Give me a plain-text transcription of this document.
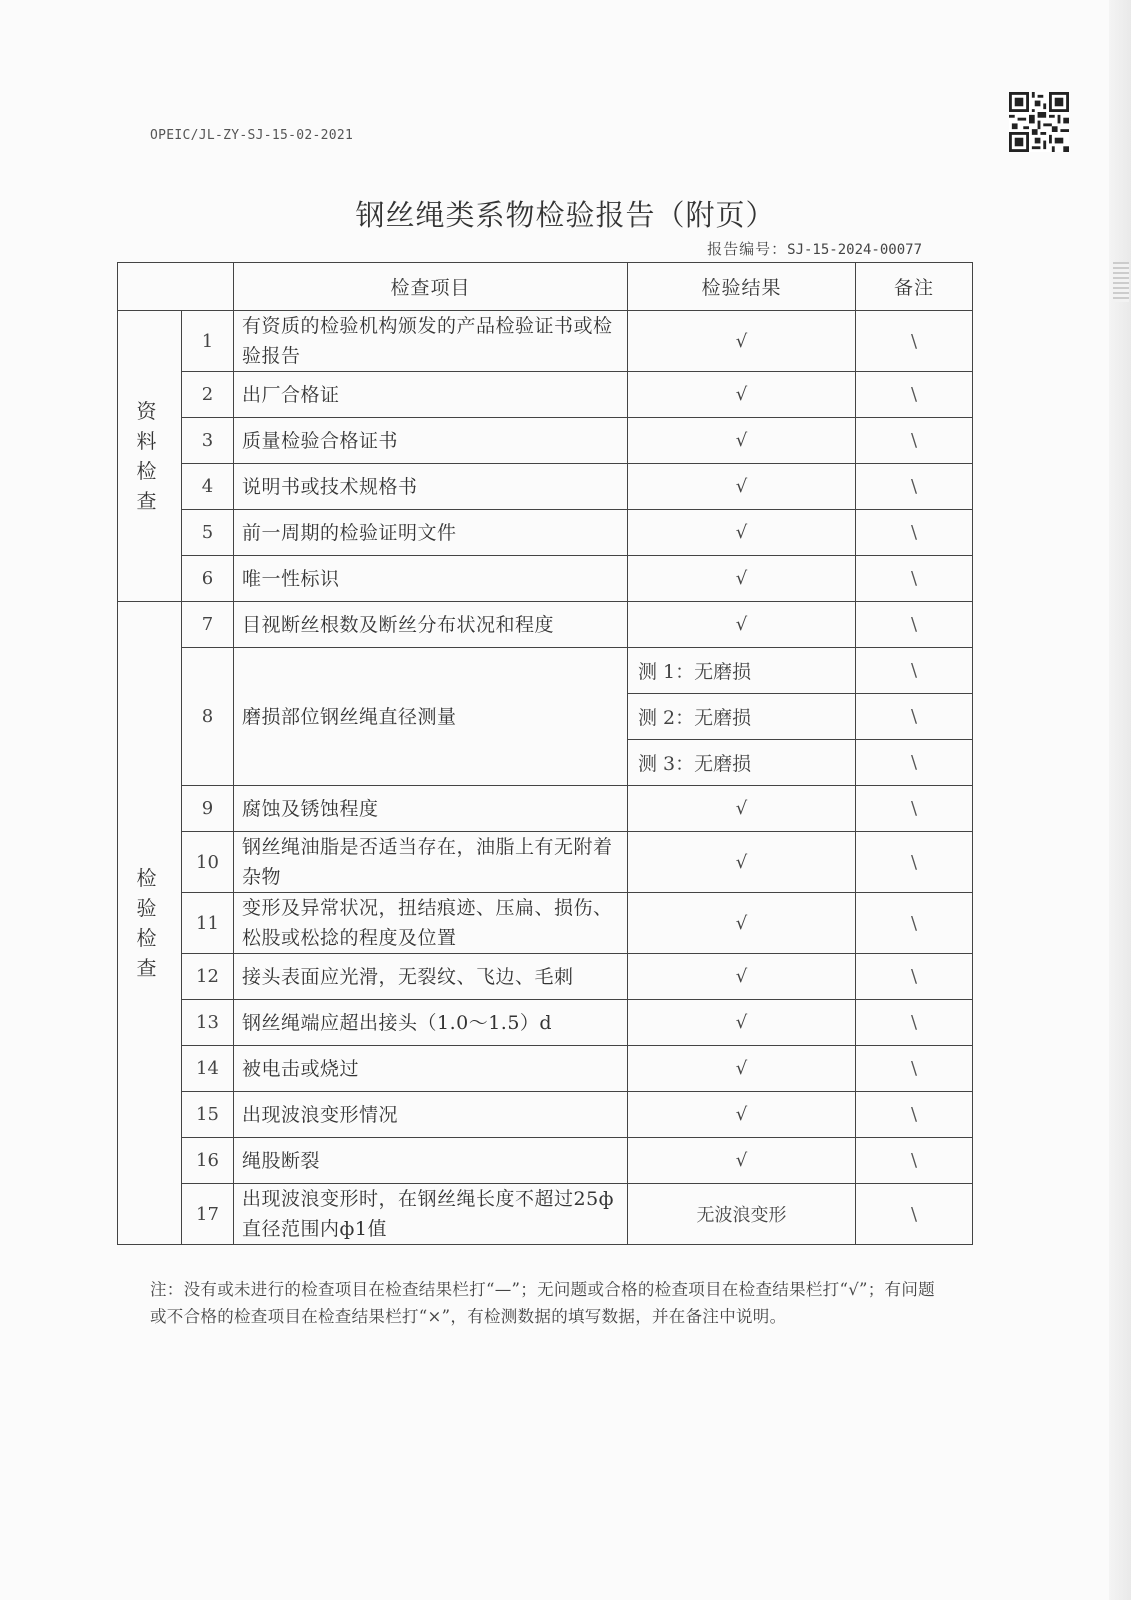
OPEIC/JL-ZY-SJ-15-02-2021
钢丝绳类系物检验报告（附页）
报告编号：SJ-15-2024-00077
		检查项目	检验结果	备注

资料检查	1	有资质的检验机构颁发的产品检验证书或检验报告	√	\
	2	出厂合格证	√	\
	3	质量检验合格证书	√	\
	4	说明书或技术规格书	√	\
	5	前一周期的检验证明文件	√	\
	6	唯一性标识	√	\

检验检查	7	目视断丝根数及断丝分布状况和程度	√	\
	8	磨损部位钢丝绳直径测量	测 1：无磨损	\
			测 2：无磨损	\
			测 3：无磨损	\
	9	腐蚀及锈蚀程度	√	\
	10	钢丝绳油脂是否适当存在，油脂上有无附着杂物	√	\
	11	变形及异常状况，扭结痕迹、压扁、损伤、松股或松捻的程度及位置	√	\
	12	接头表面应光滑，无裂纹、飞边、毛刺	√	\
	13	钢丝绳端应超出接头（1.0～1.5）d	√	\
	14	被电击或烧过	√	\
	15	出现波浪变形情况	√	\
	16	绳股断裂	√	\
	17	出现波浪变形时，在钢丝绳长度不超过25ф直径范围内ф1值	无波浪变形	\
注：没有或未进行的检查项目在检查结果栏打“—”；无问题或合格的检查项目在检查结果栏打“√”；有问题或不合格的检查项目在检查结果栏打“×”，有检测数据的填写数据，并在备注中说明。
